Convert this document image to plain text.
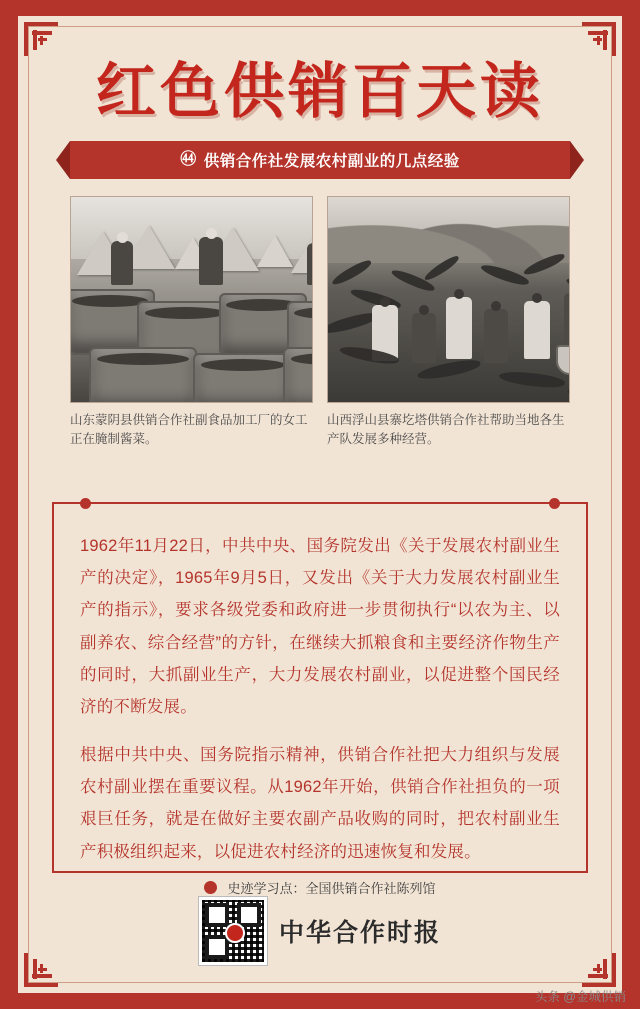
红色供销百天读
㊹ 供销合作社发展农村副业的几点经验
山东蒙阴县供销合作社副食品加工厂的女工正在腌制酱菜。
山西浮山县寨圪塔供销合作社帮助当地各生产队发展多种经营。

1962年11月22日，中共中央、国务院发出《关于发展农村副业生产的决定》，1965年9月5日，又发出《关于大力发展农村副业生产的指示》，要求各级党委和政府进一步贯彻执行“以农为主、以副养农、综合经营”的方针，在继续大抓粮食和主要经济作物生产的同时，大抓副业生产，大力发展农村副业，以促进整个国民经济的不断发展。

根据中共中央、国务院指示精神，供销合作社把大力组织与发展农村副业摆在重要议程。从1962年开始，供销合作社担负的一项艰巨任务，就是在做好主要农副产品收购的同时，把农村副业生产积极组织起来，以促进农村经济的迅速恢复和发展。

史迹学习点：全国供销合作社陈列馆
中华合作时报
头条 @金城供销
